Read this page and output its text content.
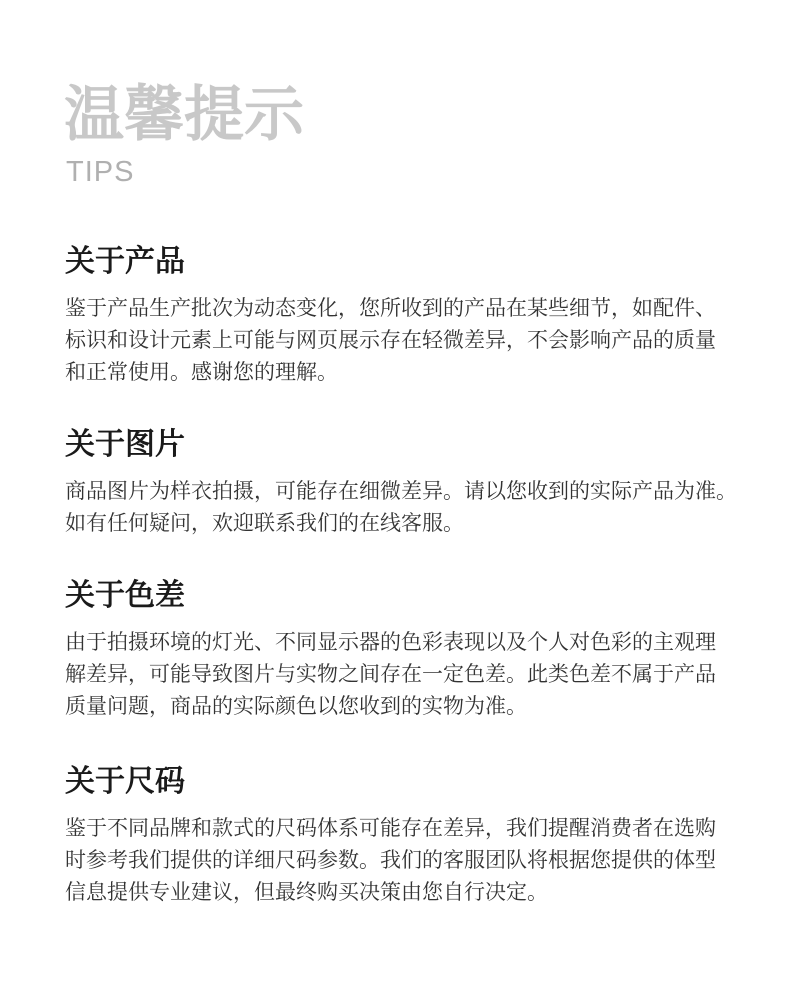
温馨提示
TIPS
关于产品
鉴于产品生产批次为动态变化，您所收到的产品在某些细节，如配件、
标识和设计元素上可能与网页展示存在轻微差异，不会影响产品的质量
和正常使用。感谢您的理解。
关于图片
商品图片为样衣拍摄，可能存在细微差异。请以您收到的实际产品为准。
如有任何疑问，欢迎联系我们的在线客服。
关于色差
由于拍摄环境的灯光、不同显示器的色彩表现以及个人对色彩的主观理
解差异，可能导致图片与实物之间存在一定色差。此类色差不属于产品
质量问题，商品的实际颜色以您收到的实物为准。
关于尺码
鉴于不同品牌和款式的尺码体系可能存在差异，我们提醒消费者在选购
时参考我们提供的详细尺码参数。我们的客服团队将根据您提供的体型
信息提供专业建议，但最终购买决策由您自行决定。
